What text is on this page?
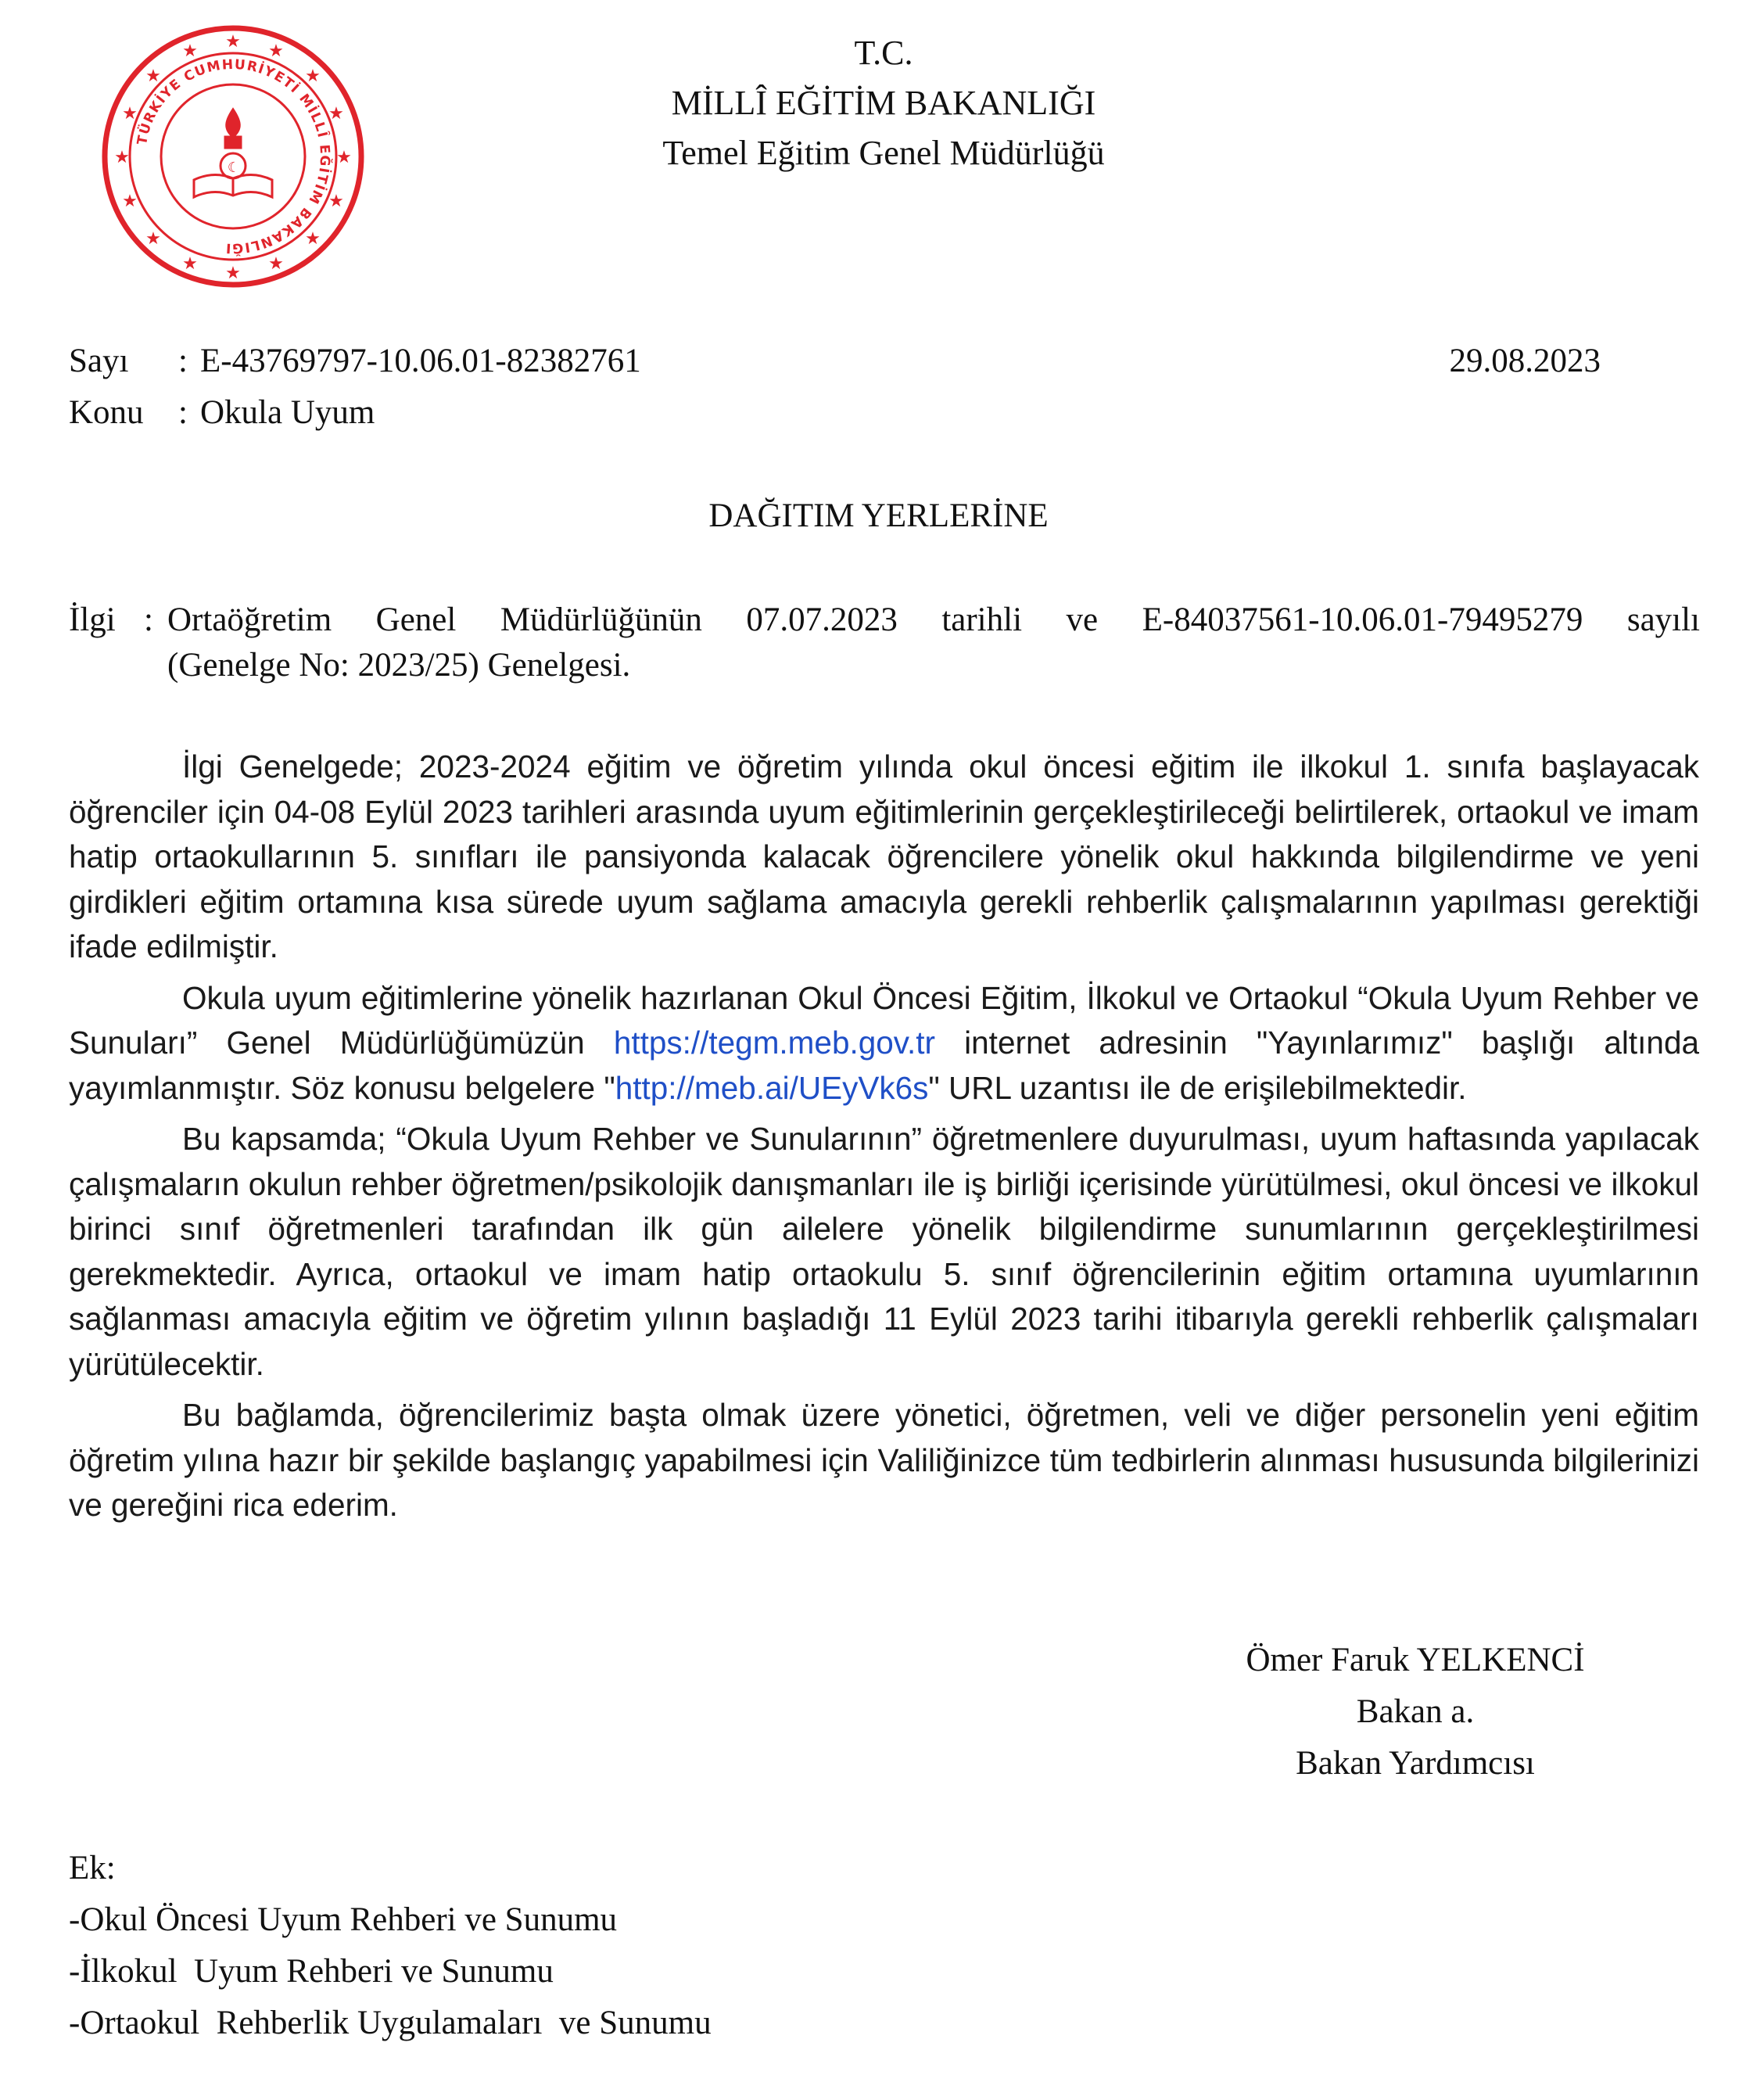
★ ★
★
★
★
★
★
★
★
★
★
★
★
★
★
★
TÜRKİYE CUMHURİYETİ MİLLÎ EĞİTİM BAKANLIĞI
☾
T.C.
MİLLÎ EĞİTİM BAKANLIĞI
Temel Eğitim Genel Müdürlüğü
Sayı : E-43769797-10.06.01-82382761
Konu : Okula Uyum
29.08.2023
DAĞITIM YERLERİNE
İlgi : Ortaöğretim Genel Müdürlüğünün 07.07.2023 tarihli ve E-84037561-10.06.01-79495279 sayılı
(Genelge No: 2023/25) Genelgesi.

İlgi Genelgede; 2023-2024 eğitim ve öğretim yılında okul öncesi eğitim ile ilkokul 1. sınıfa başlayacak öğrenciler için 04-08 Eylül 2023 tarihleri arasında uyum eğitimlerinin gerçekleştirileceği belirtilerek, ortaokul ve imam hatip ortaokullarının 5. sınıfları ile pansiyonda kalacak öğrencilere yönelik okul hakkında bilgilendirme ve yeni girdikleri eğitim ortamına kısa sürede uyum sağlama amacıyla gerekli rehberlik çalışmalarının yapılması gerektiği ifade edilmiştir.

Okula uyum eğitimlerine yönelik hazırlanan Okul Öncesi Eğitim, İlkokul ve Ortaokul “Okula Uyum Rehber ve Sunuları” Genel Müdürlüğümüzün https://tegm.meb.gov.tr internet adresinin "Yayınlarımız" başlığı altında yayımlanmıştır. Söz konusu belgelere "http://meb.ai/UEyVk6s" URL uzantısı ile de erişilebilmektedir.

Bu kapsamda; “Okula Uyum Rehber ve Sunularının” öğretmenlere duyurulması, uyum haftasında yapılacak çalışmaların okulun rehber öğretmen/psikolojik danışmanları ile iş birliği içerisinde yürütülmesi, okul öncesi ve ilkokul birinci sınıf öğretmenleri tarafından ilk gün ailelere yönelik bilgilendirme sunumlarının gerçekleştirilmesi gerekmektedir. Ayrıca, ortaokul ve imam hatip ortaokulu 5. sınıf öğrencilerinin eğitim ortamına uyumlarının sağlanması amacıyla eğitim ve öğretim yılının başladığı 11 Eylül 2023 tarihi itibarıyla gerekli rehberlik çalışmaları yürütülecektir.

Bu bağlamda, öğrencilerimiz başta olmak üzere yönetici, öğretmen, veli ve diğer personelin yeni eğitim öğretim yılına hazır bir şekilde başlangıç yapabilmesi için Valiliğinizce tüm tedbirlerin alınması hususunda bilgilerinizi ve gereğini rica ederim.

Ömer Faruk YELKENCİ
Bakan a.
Bakan Yardımcısı
Ek:
-Okul Öncesi Uyum Rehberi ve Sunumu
-İlkokul  Uyum Rehberi ve Sunumu
-Ortaokul  Rehberlik Uygulamaları  ve Sunumu
